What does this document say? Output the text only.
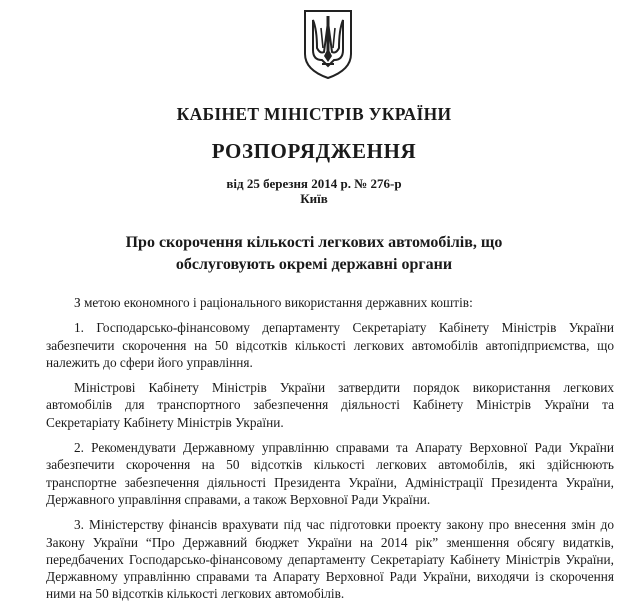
КАБІНЕТ МІНІСТРІВ УКРАЇНИ
РОЗПОРЯДЖЕННЯ
від 25 березня 2014 р. № 276-р
Київ
Про скорочення кількості легкових автомобілів, що
обслуговують окремі державні органи

З метою економного і раціонального використання державних коштів:

1. Господарсько-фінансовому департаменту Секретаріату Кабінету Міністрів України забезпечити скорочення на 50 відсотків кількості легкових автомобілів автопідприємства, що належить до сфери його управління.

Міністрові Кабінету Міністрів України затвердити порядок використання легкових автомобілів для транспортного забезпечення діяльності Кабінету Міністрів України та Секретаріату Кабінету Міністрів України.

2. Рекомендувати Державному управлінню справами та Апарату Верховної Ради України забезпечити скорочення на 50 відсотків кількості легкових автомобілів, які здійснюють транспортне забезпечення діяльності Президента України, Адміністрації Президента України, Державного управління справами, а також Верховної Ради України.

3. Міністерству фінансів врахувати під час підготовки проекту закону про внесення змін до Закону України “Про Державний бюджет України на 2014 рік” зменшення обсягу видатків, передбачених Господарсько-фінансовому департаменту Секретаріату Кабінету Міністрів України, Державному управлінню справами та Апарату Верховної Ради України, виходячи із скорочення ними на 50 відсотків кількості легкових автомобілів.
